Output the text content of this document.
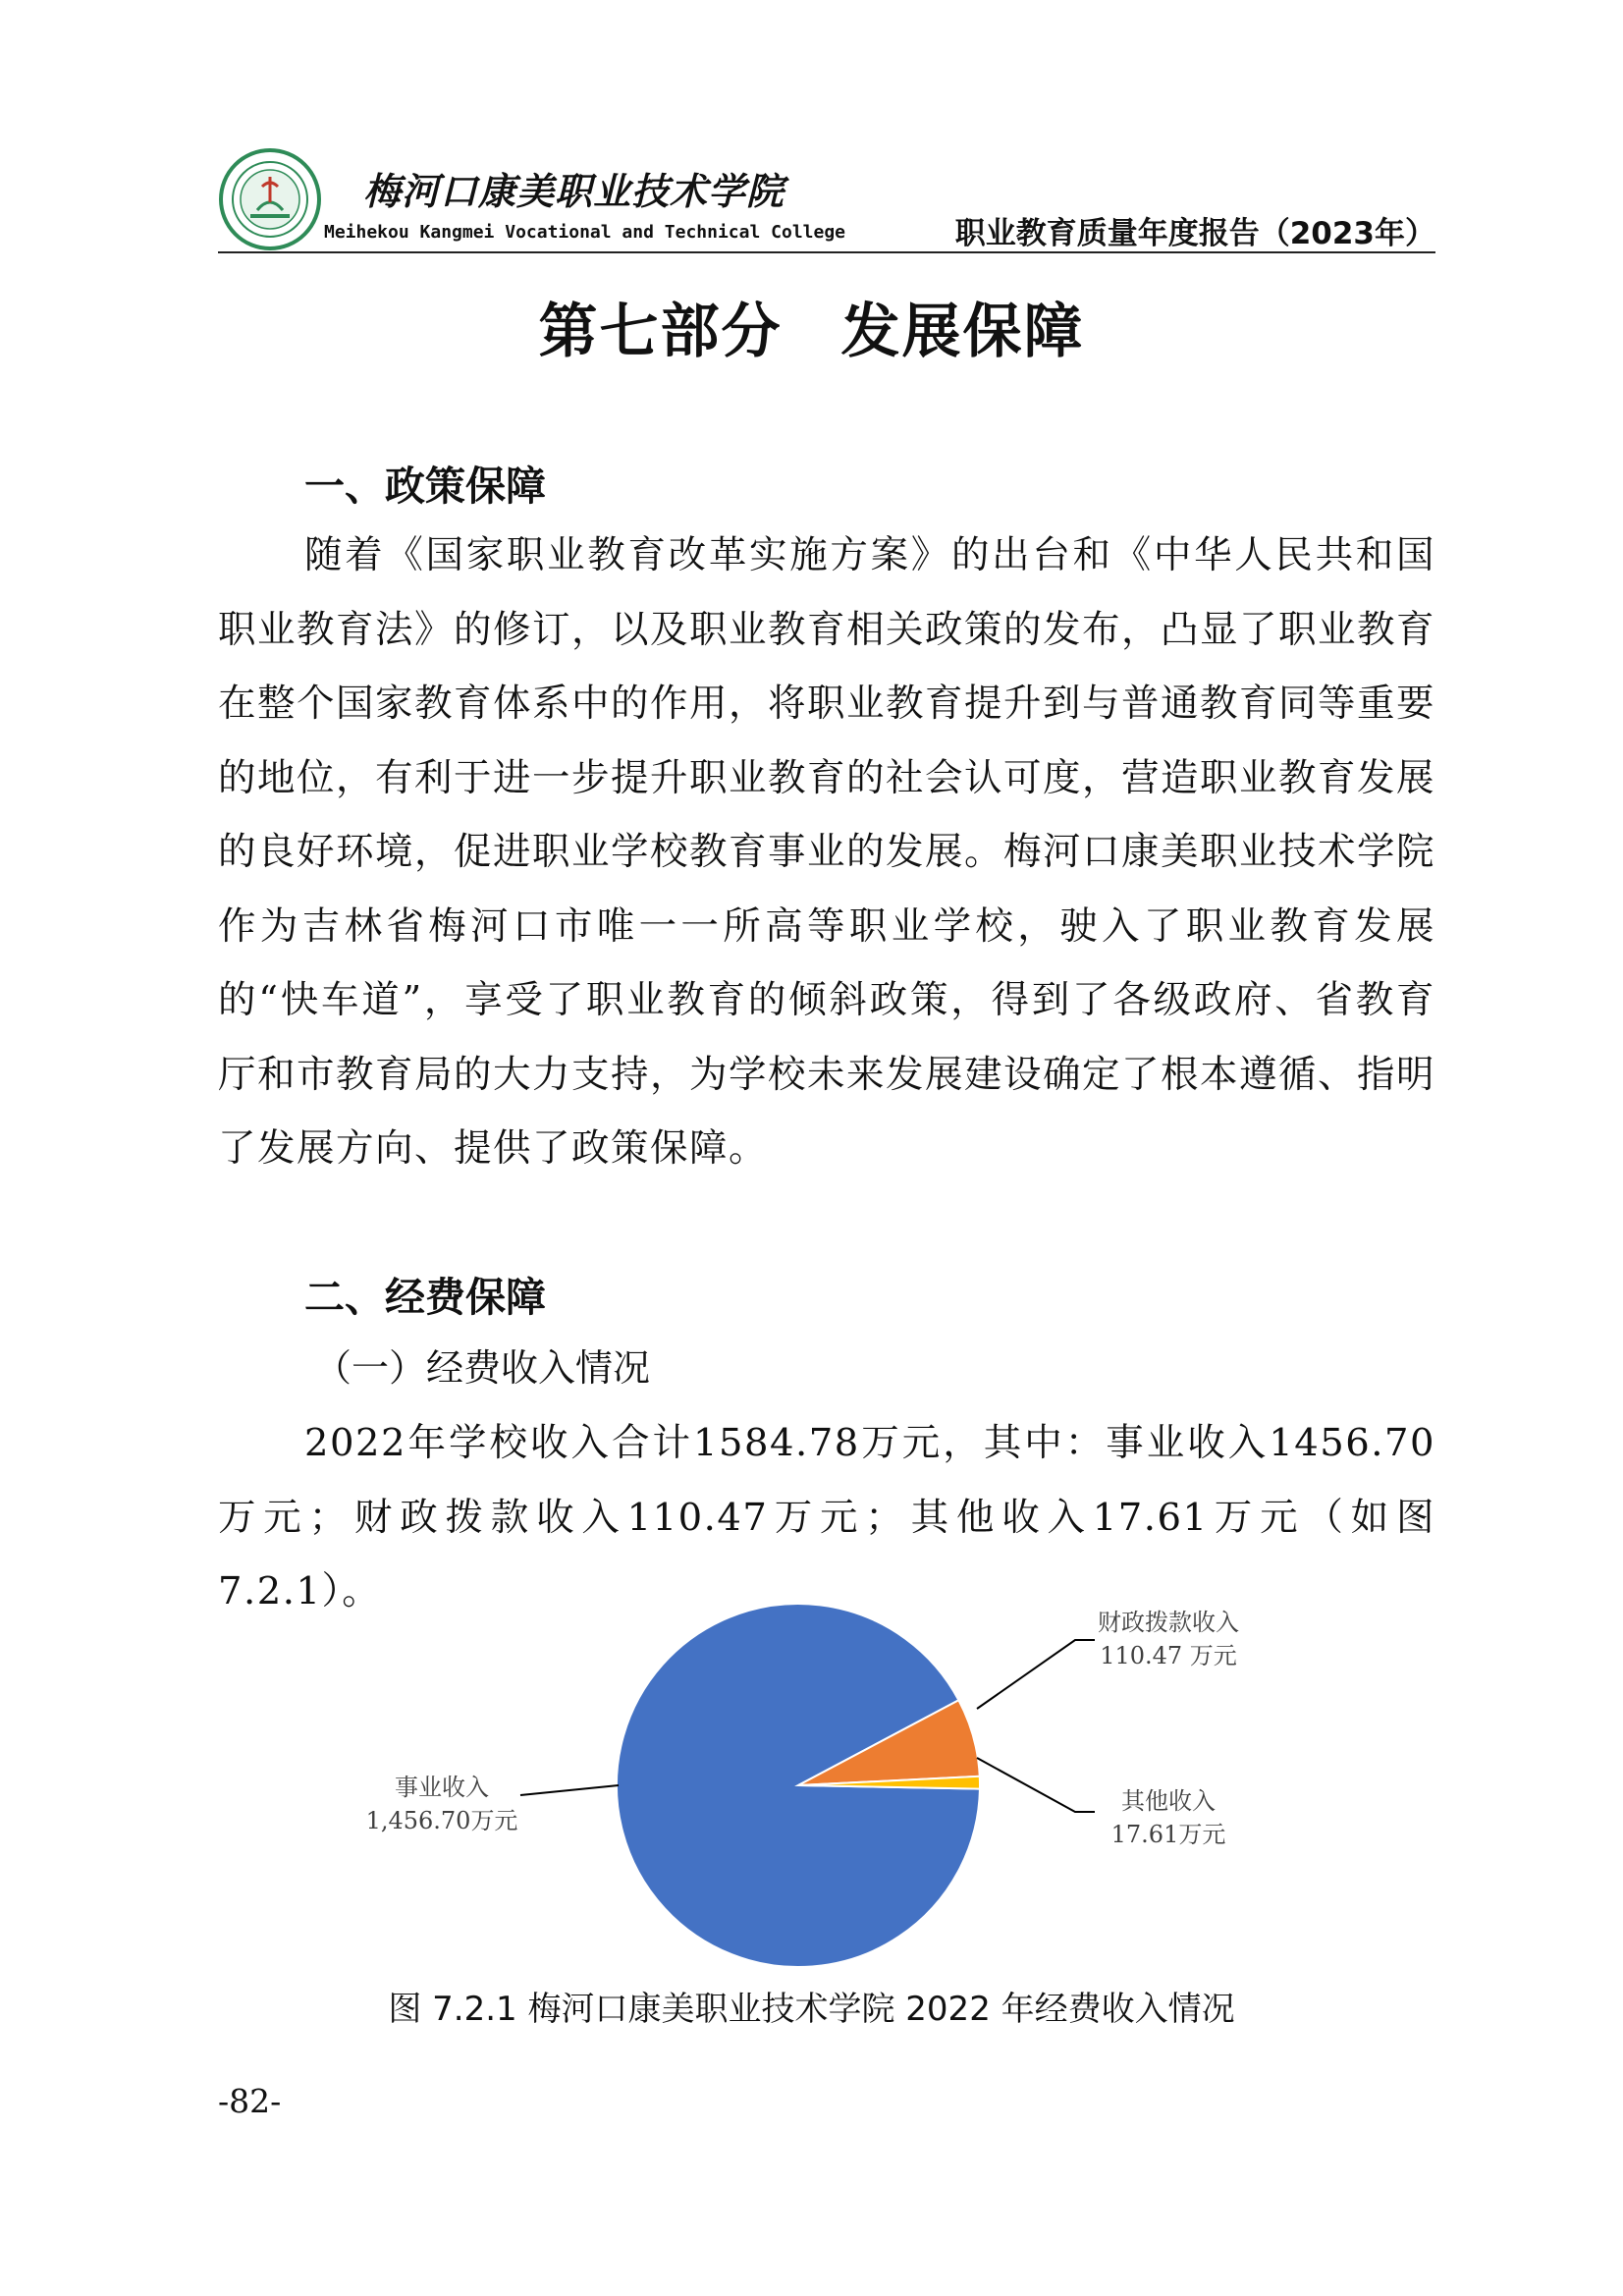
梅河口康美职业技术学院
Meihekou Kangmei Vocational and Technical College	职业教育质量年度报告（2023年）
第七部分 发展保障
一、政策保障
随着《国家职业教育改革实施方案》的出台和《中华人民共和国职业教育法》的修订，以及职业教育相关政策的发布，凸显了职业教育在整个国家教育体系中的作用，将职业教育提升到与普通教育同等重要的地位，有利于进一步提升职业教育的社会认可度，营造职业教育发展的良好环境，促进职业学校教育事业的发展。梅河口康美职业技术学院作为吉林省梅河口市唯一一所高等职业学校，驶入了职业教育发展的“快车道”，享受了职业教育的倾斜政策，得到了各级政府、省教育厅和市教育局的大力支持，为学校未来发展建设确定了根本遵循、指明了发展方向、提供了政策保障。
二、经费保障
（一）经费收入情况
2022年学校收入合计1584.78万元，其中：事业收入1456.70万元；财政拨款收入110.47万元；其他收入17.61万元（如图7.2.1）。
事业收入
1,456.70万元
财政拨款收入
110.47 万元
其他收入
17.61万元
图 7.2.1 梅河口康美职业技术学院 2022 年经费收入情况
-82-
